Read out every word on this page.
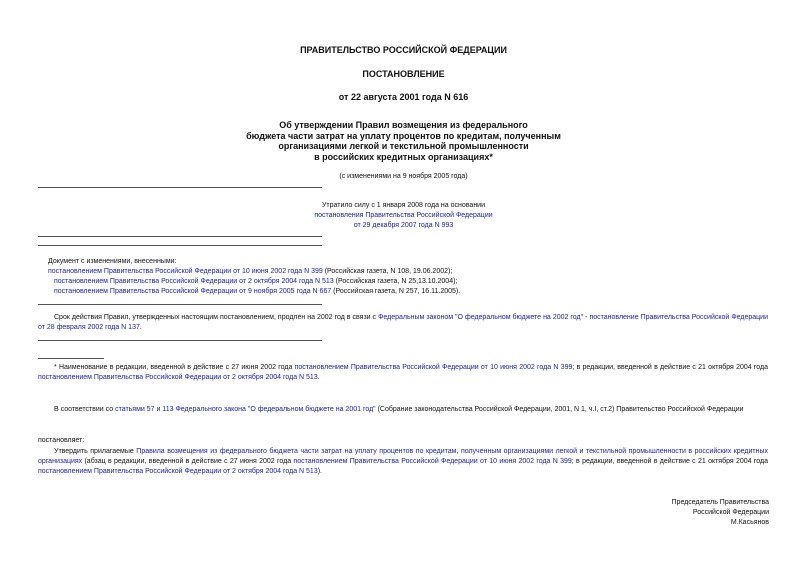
ПРАВИТЕЛЬСТВО РОССИЙСКОЙ ФЕДЕРАЦИИ
ПОСТАНОВЛЕНИЕ
от 22 августа 2001 года N 616
Об утверждении Правил возмещения из федерального
бюджета части затрат на уплату процентов по кредитам, полученным
организациями легкой и текстильной промышленности
в российских кредитных организациях*
(с изменениями на 9 ноября 2005 года)
Утратило силу с 1 января 2008 года на основании
постановления Правительства Российской Федерации
от 29 декабря 2007 года N 993
Документ с изменениями, внесенными:
постановлением Правительства Российской Федерации от 10 июня 2002 года N 399 (Российская газета, N 108, 19.06.2002);
постановлением Правительства Российской Федерации от 2 октября 2004 года N 513 (Российская газета, N 25,13.10.2004);
постановлением Правительства Российской Федерации от 9 ноября 2005 года N 667 (Российская газета, N 257, 16.11.2005).
Срок действия Правил, утвержденных настоящим постановлением, продлен на 2002 год в связи с Федеральным законом "О федеральном бюджете на 2002 год" - постановление Правительства Российской Федерации от 28 февраля 2002 года N 137.
* Наименование в редакции, введенной в действие с 27 июня 2002 года постановлением Правительства Российской Федерации от 10 июня 2002 года N 399; в редакции, введенной в действие с 21 октября 2004 года постановлением Правительства Российской Федерации от 2 октября 2004 года N 513.
В соответствии со статьями 57 и 113 Федерального закона "О федеральном бюджете на 2001 год" (Собрание законодательства Российской Федерации, 2001, N 1, ч.I, ст.2) Правительство Российской Федерации
постановляет:
Утвердить прилагаемые Правила возмещения из федерального бюджета части затрат на уплату процентов по кредитам, полученным организациями легкой и текстильной промышленности в российских кредитных организациях (абзац в редакции, введенной в действие с 27 июня 2002 года постановлением Правительства Российской Федерации от 10 июня 2002 года N 399; в редакции, введенной в действие с 21 октября 2004 года постановлением Правительства Российской Федерации от 2 октября 2004 года N 513).
Председатель Правительства
Российской Федерации
М.Касьянов
